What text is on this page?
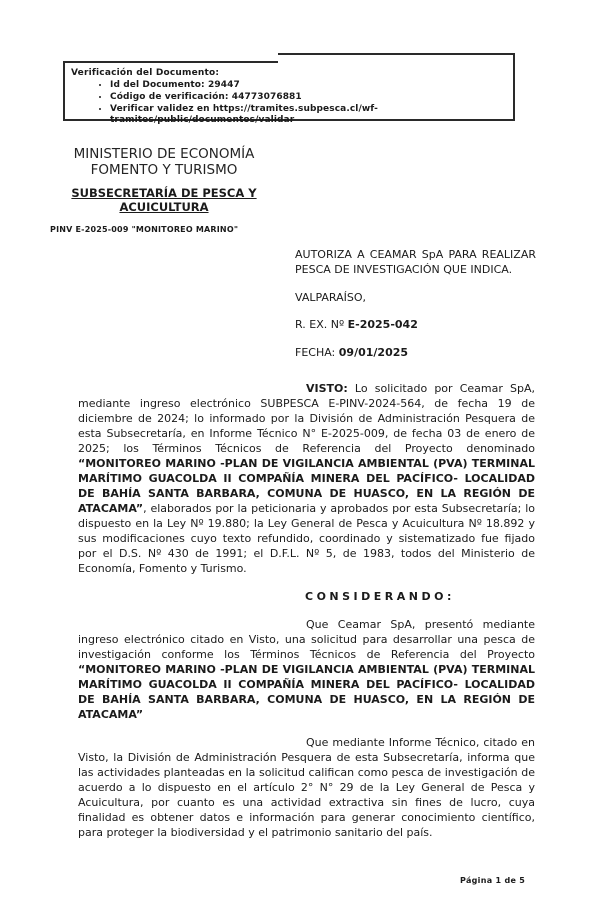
Verificación del Documento:
• Id del Documento: 29447
• Código de verificación: 44773076881
• Verificar validez en https://tramites.subpesca.cl/wf-tramites/public/documentos/validar
MINISTERIO DE ECONOMÍA FOMENTO Y TURISMO
SUBSECRETARÍA DE PESCA Y ACUICULTURA
PINV E-2025-009 "MONITOREO MARINO"

AUTORIZA A CEAMAR SpA PARA REALIZAR PESCA DE INVESTIGACIÓN QUE INDICA.

VALPARAÍSO,

R. EX. Nº E-2025-042

FECHA: 09/01/2025

VISTO: Lo solicitado por Ceamar SpA, mediante ingreso electrónico SUBPESCA E-PINV-2024-564, de fecha 19 de diciembre de 2024; lo informado por la División de Administración Pesquera de esta Subsecretaría, en Informe Técnico N° E-2025-009, de fecha 03 de enero de 2025; los Términos Técnicos de Referencia del Proyecto denominado “MONITOREO MARINO -PLAN DE VIGILANCIA AMBIENTAL (PVA) TERMINAL MARÍTIMO GUACOLDA II COMPAÑÍA MINERA DEL PACÍFICO- LOCALIDAD DE BAHÍA SANTA BARBARA, COMUNA DE HUASCO, EN LA REGIÓN DE ATACAMA”, elaborados por la peticionaria y aprobados por esta Subsecretaría; lo dispuesto en la Ley Nº 19.880; la Ley General de Pesca y Acuicultura Nº 18.892 y sus modificaciones cuyo texto refundido, coordinado y sistematizado fue fijado por el D.S. Nº 430 de 1991; el D.F.L. Nº 5, de 1983, todos del Ministerio de Economía, Fomento y Turismo.

CONSIDERANDO:

Que Ceamar SpA, presentó mediante ingreso electrónico citado en Visto, una solicitud para desarrollar una pesca de investigación conforme los Términos Técnicos de Referencia del Proyecto “MONITOREO MARINO -PLAN DE VIGILANCIA AMBIENTAL (PVA) TERMINAL MARÍTIMO GUACOLDA II COMPAÑÍA MINERA DEL PACÍFICO- LOCALIDAD DE BAHÍA SANTA BARBARA, COMUNA DE HUASCO, EN LA REGIÓN DE ATACAMA”

Que mediante Informe Técnico, citado en Visto, la División de Administración Pesquera de esta Subsecretaría, informa que las actividades planteadas en la solicitud califican como pesca de investigación de acuerdo a lo dispuesto en el artículo 2° N° 29 de la Ley General de Pesca y Acuicultura, por cuanto es una actividad extractiva sin fines de lucro, cuya finalidad es obtener datos e información para generar conocimiento científico, para proteger la biodiversidad y el patrimonio sanitario del país.

Página 1 de 5
